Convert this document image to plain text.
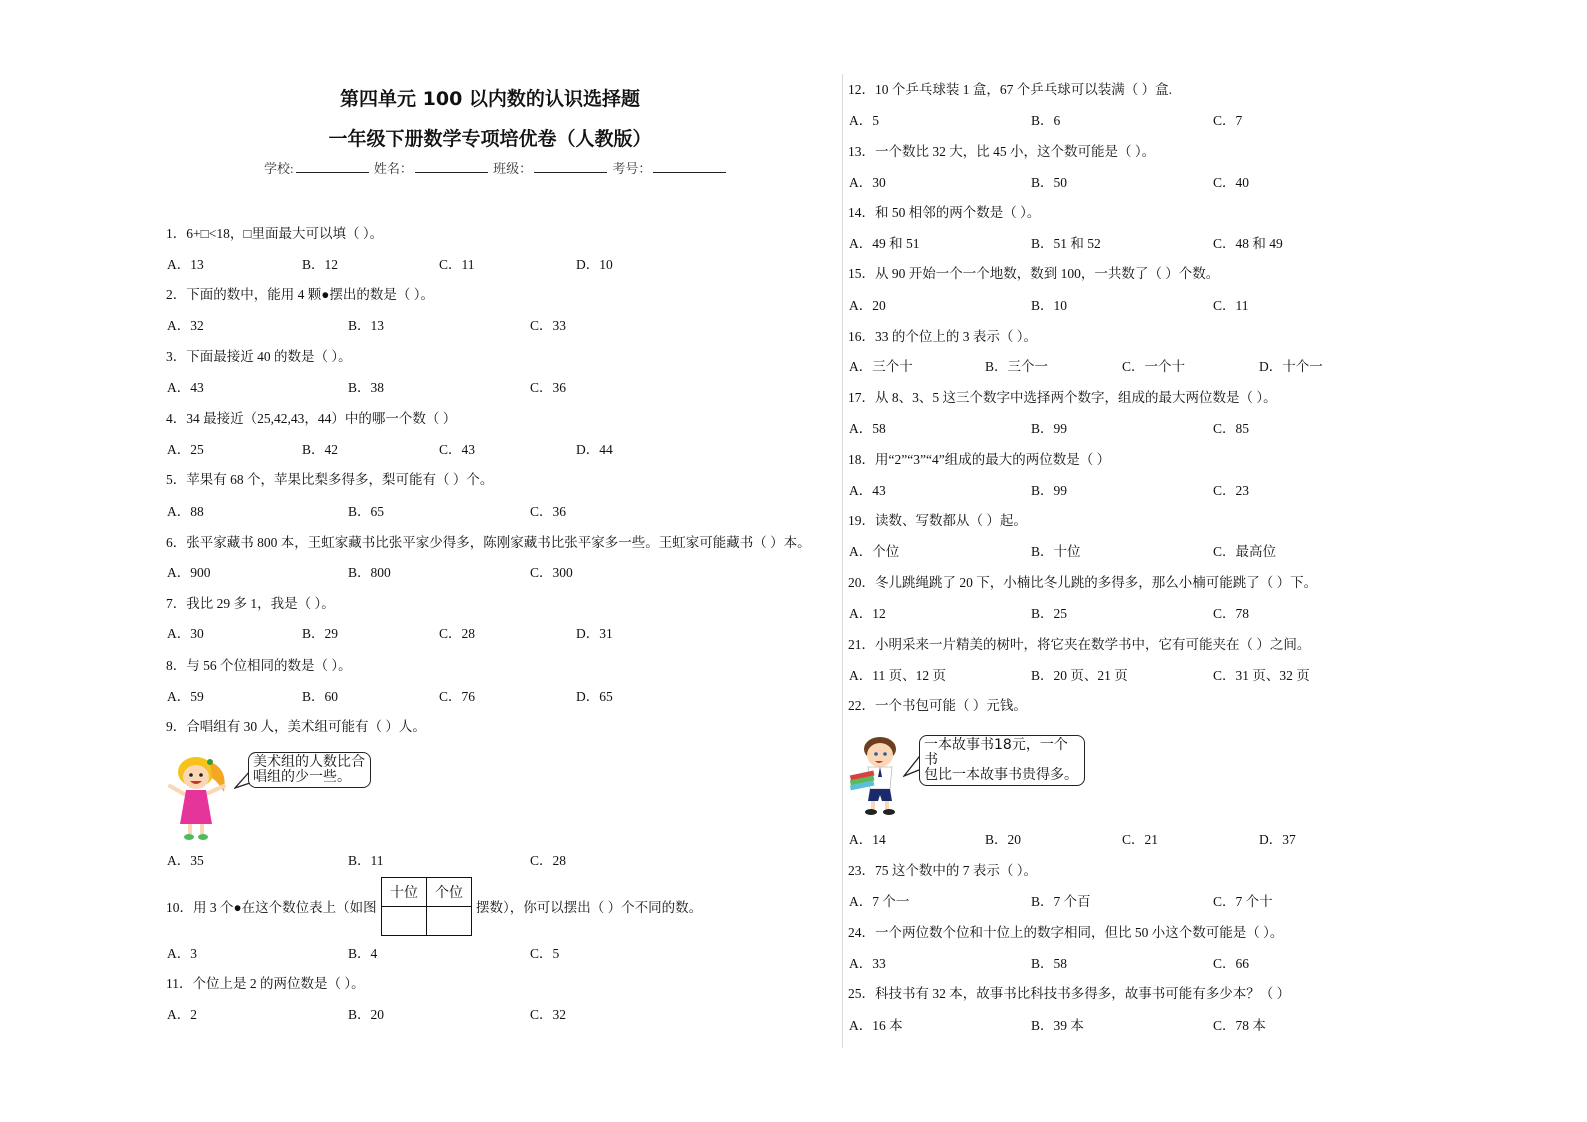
第四单元 100 以内数的认识选择题
一年级下册数学专项培优卷（人教版）
学校:	姓名：	班级：	考号：
1．6+□<18，□里面最大可以填（ ）。
A．13	B．12	C．11	D．10
2．下面的数中，能用 4 颗●摆出的数是（ ）。
A．32	B．13	C．33
3．下面最接近 40 的数是（ ）。
A．43	B．38	C．36
4．34 最接近（25,42,43，44）中的哪一个数（ ）
A．25	B．42	C．43	D．44
5．苹果有 68 个，苹果比梨多得多，梨可能有（ ）个。
A．88	B．65	C．36
6．张平家藏书 800 本，王虹家藏书比张平家少得多，陈刚家藏书比张平家多一些。王虹家可能藏书（ ）本。
A．900	B．800	C．300
7．我比 29 多 1，我是（ ）。
A．30	B．29	C．28	D．31
8．与 56 个位相同的数是（ ）。
A．59	B．60	C．76	D．65
9．合唱组有 30 人，美术组可能有（ ）人。
美术组的人数比合
唱组的少一些。
A．35	B．11	C．28
10．用 3 个●在这个数位表上（如图
十位	个位

摆数），你可以摆出（ ）个不同的数。
A．3	B．4	C．5
11．个位上是 2 的两位数是（ ）。
A．2	B．20	C．32
12．10 个乒乓球装 1 盒，67 个乒乓球可以装满（ ）盒.
A．5	B．6	C．7
13．一个数比 32 大，比 45 小，这个数可能是（ ）。
A．30	B．50	C．40
14．和 50 相邻的两个数是（ ）。
A．49 和 51	B．51 和 52	C．48 和 49
15．从 90 开始一个一个地数，数到 100，一共数了（ ）个数。
A．20	B．10	C．11
16．33 的个位上的 3 表示（ ）。
A．三个十	B．三个一	C．一个十	D．十个一
17．从 8、3、5 这三个数字中选择两个数字，组成的最大两位数是（ ）。
A．58	B．99	C．85
18．用“2”“3”“4”组成的最大的两位数是（ ）
A．43	B．99	C．23
19．读数、写数都从（ ）起。
A．个位	B．十位	C．最高位
20．冬儿跳绳跳了 20 下，小楠比冬儿跳的多得多，那么小楠可能跳了（ ）下。
A．12	B．25	C．78
21．小明采来一片精美的树叶，将它夹在数学书中，它有可能夹在（ ）之间。
A．11 页、12 页	B．20 页、21 页	C．31 页、32 页
22．一个书包可能（ ）元钱。
一本故事书18元，一个书
包比一本故事书贵得多。
A．14	B．20	C．21	D．37
23．75 这个数中的 7 表示（ ）。
A．7 个一	B．7 个百	C．7 个十
24．一个两位数个位和十位上的数字相同，但比 50 小这个数可能是（ ）。
A．33	B．58	C．66
25．科技书有 32 本，故事书比科技书多得多，故事书可能有多少本？（ ）
A．16 本	B．39 本	C．78 本
